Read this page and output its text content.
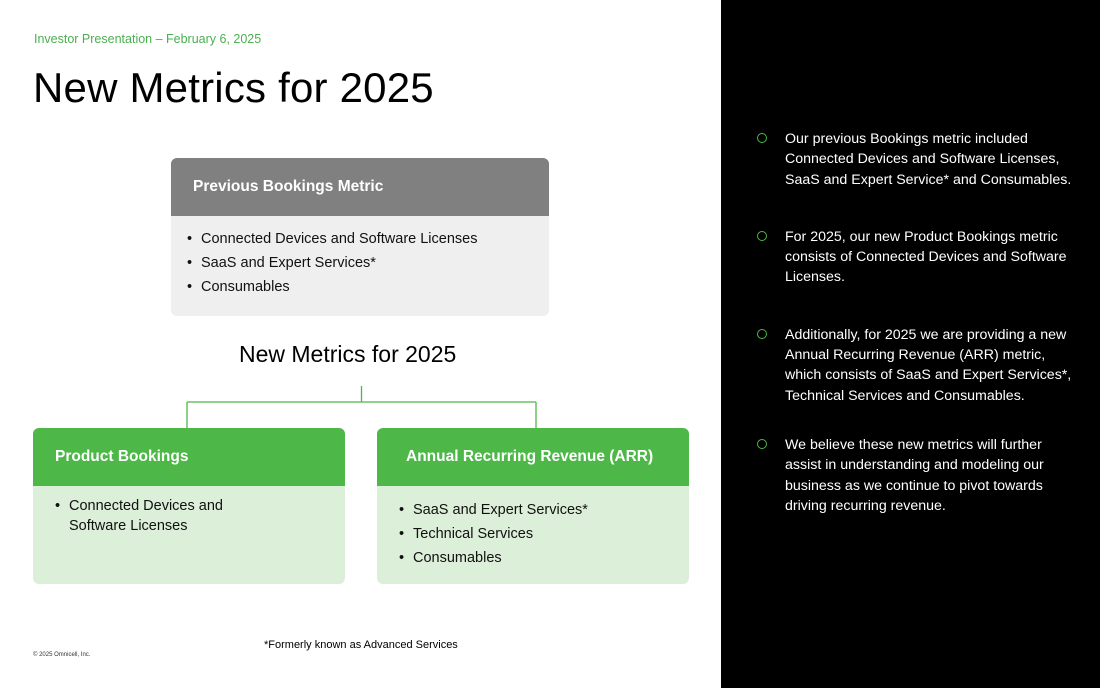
Investor Presentation – February 6, 2025
New Metrics for 2025
Previous Bookings Metric
• Connected Devices and Software Licenses
• SaaS and Expert Services*
• Consumables
New Metrics for 2025
Product Bookings
• Connected Devices and Software Licenses
Annual Recurring Revenue (ARR)
• SaaS and Expert Services*
• Technical Services
• Consumables
*Formerly known as Advanced Services
© 2025 Omnicell, Inc.
Our previous Bookings metric included Connected Devices and Software Licenses, SaaS and Expert Service* and Consumables.
For 2025, our new Product Bookings metric consists of Connected Devices and Software Licenses.
Additionally, for 2025 we are providing a new Annual Recurring Revenue (ARR) metric, which consists of SaaS and Expert Services*, Technical Services and Consumables.
We believe these new metrics will further assist in understanding and modeling our business as we continue to pivot towards driving recurring revenue.
